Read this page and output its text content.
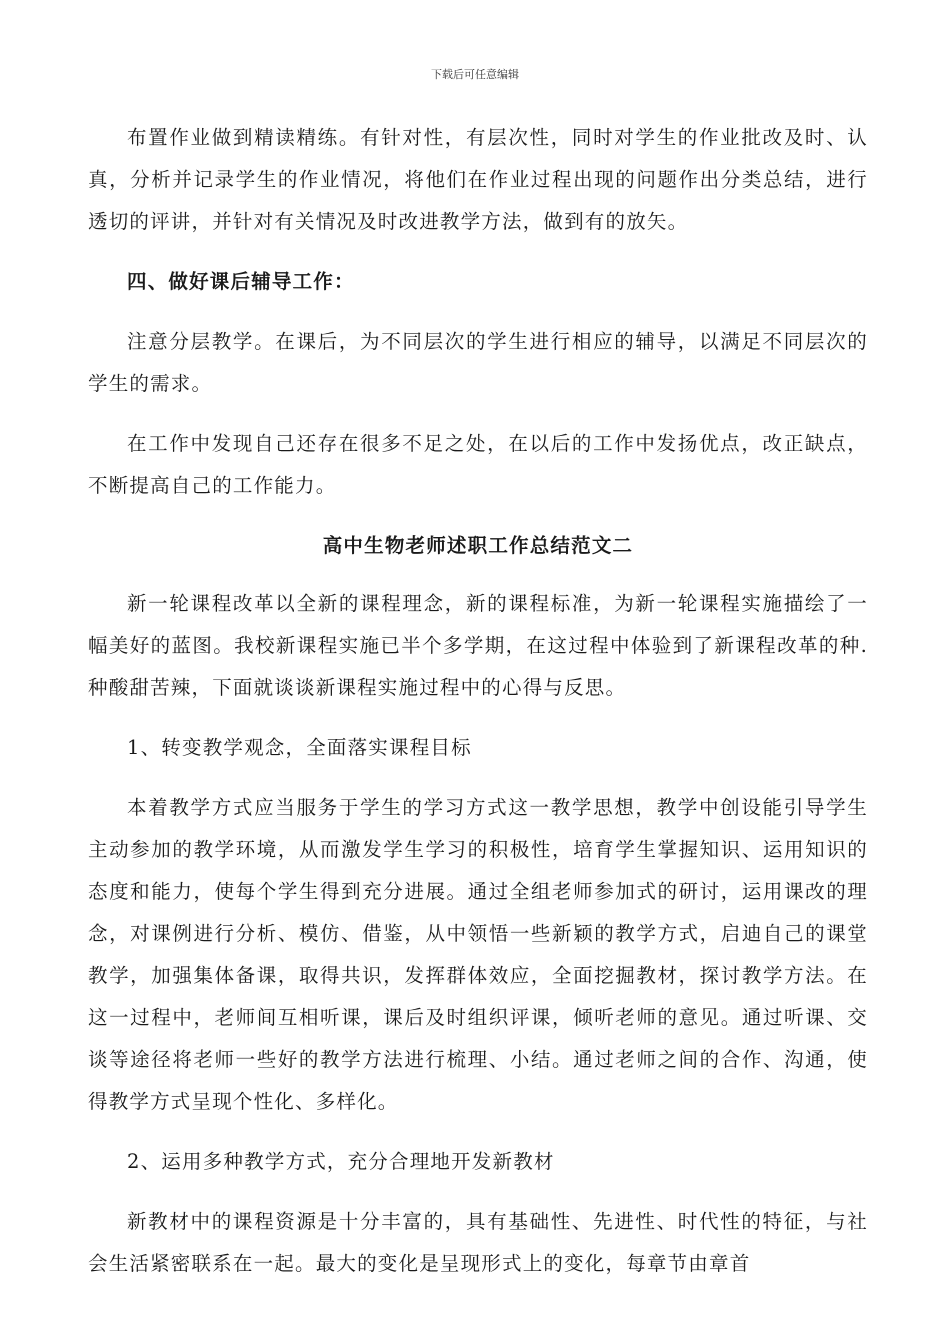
下载后可任意编辑

布置作业做到精读精练。有针对性，有层次性，同时对学生的作业批改及时、认真，分析并记录学生的作业情况，将他们在作业过程出现的问题作出分类总结，进行透切的评讲，并针对有关情况及时改进教学方法，做到有的放矢。

四、做好课后辅导工作：

注意分层教学。在课后，为不同层次的学生进行相应的辅导，以满足不同层次的学生的需求。

在工作中发现自己还存在很多不足之处，在以后的工作中发扬优点，改正缺点，不断提高自己的工作能力。

高中生物老师述职工作总结范文二

新一轮课程改革以全新的课程理念，新的课程标准，为新一轮课程实施描绘了一幅美好的蓝图。我校新课程实施已半个多学期，在这过程中体验到了新课程改革的种.种酸甜苦辣，下面就谈谈新课程实施过程中的心得与反思。

1、转变教学观念，全面落实课程目标

本着教学方式应当服务于学生的学习方式这一教学思想，教学中创设能引导学生主动参加的教学环境，从而激发学生学习的积极性，培育学生掌握知识、运用知识的态度和能力，使每个学生得到充分进展。通过全组老师参加式的研讨，运用课改的理念，对课例进行分析、模仿、借鉴，从中领悟一些新颖的教学方式，启迪自己的课堂教学，加强集体备课，取得共识，发挥群体效应，全面挖掘教材，探讨教学方法。在这一过程中，老师间互相听课，课后及时组织评课，倾听老师的意见。通过听课、交谈等途径将老师一些好的教学方法进行梳理、小结。通过老师之间的合作、沟通，使得教学方式呈现个性化、多样化。

2、运用多种教学方式，充分合理地开发新教材

新教材中的课程资源是十分丰富的，具有基础性、先进性、时代性的特征，与社会生活紧密联系在一起。最大的变化是呈现形式上的变化，每章节由章首
